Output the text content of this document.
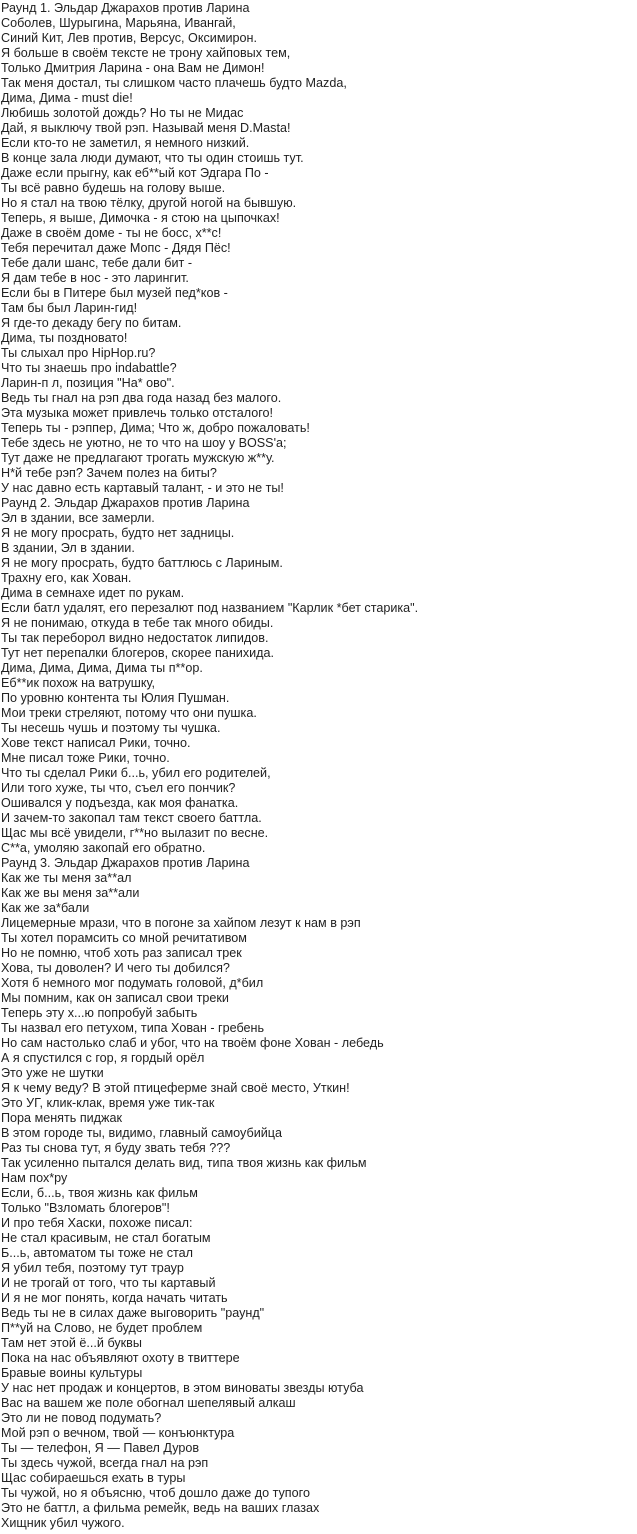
Раунд 1. Эльдар Джарахов против Ларина
Соболев, Шурыгина, Марьяна, Ивангай,
Синий Кит, Лев против, Версус, Оксимирон.
Я больше в своём тексте не трону хайповых тем,
Только Дмитрия Ларина - она Вам не Димон!
Так меня достал, ты слишком часто плачешь будто Mazda,
Дима, Дима - must die!
Любишь золотой дождь? Но ты не Мидас
Дай, я выключу твой рэп. Называй меня D.Masta!
Если кто-то не заметил, я немного низкий.
В конце зала люди думают, что ты один стоишь тут.
Даже если прыгну, как еб**ый кот Эдгара По -
Ты всё равно будешь на голову выше.
Но я стал на твою тёлку, другой ногой на бывшую.
Теперь, я выше, Димочка - я стою на цыпочках!
Даже в своём доме - ты не босс, х**с!
Тебя перечитал даже Мопс - Дядя Пёс!
Тебе дали шанс, тебе дали бит -
Я дам тебе в нос - это ларингит.
Если бы в Питере был музей пед*ков -
Там бы был Ларин-гид!
Я где-то декаду бегу по битам.
Дима, ты поздновато!
Ты слыхал про HipHop.ru?
Что ты знаешь про indabattle?
Ларин-п л, позиция "На* ово".
Ведь ты гнал на рэп два года назад без малого.
Эта музыка может привлечь только отсталого!
Теперь ты - рэппер, Дима; Что ж, добро пожаловать!
Тебе здесь не уютно, не то что на шоу у BOSS'а;
Тут даже не предлагают трогать мужскую ж**у.
Н*й тебе рэп? Зачем полез на биты?
У нас давно есть картавый талант, - и это не ты!
Раунд 2. Эльдар Джарахов против Ларина
Эл в здании, все замерли.
Я не могу просрать, будто нет задницы.
В здании, Эл в здании.
Я не могу просрать, будто баттлюсь с Лариным.
Трахну его, как Хован.
Дима в семнахе идет по рукам.
Если батл удалят, его перезалют под названием "Карлик *бет старика".
Я не понимаю, откуда в тебе так много обиды.
Ты так переборол видно недостаток липидов.
Тут нет перепалки блогеров, скорее панихида.
Дима, Дима, Дима, Дима ты п**ор.
Еб**ик похож на ватрушку,
По уровню контента ты Юлия Пушман.
Мои треки стреляют, потому что они пушка.
Ты несешь чушь и поэтому ты чушка.
Хове текст написал Рики, точно.
Мне писал тоже Рики, точно.
Что ты сделал Рики б...ь, убил его родителей,
Или того хуже, ты что, съел его пончик?
Ошивался у подъезда, как моя фанатка.
И зачем-то закопал там текст своего баттла.
Щас мы всё увидели, г**но вылазит по весне.
С**а, умоляю закопай его обратно.
Раунд 3. Эльдар Джарахов против Ларина
Как же ты меня за**ал
Как же вы меня за**али
Как же за*бали
Лицемерные мрази, что в погоне за хайпом лезут к нам в рэп
Ты хотел порамсить со мной речитативом
Но не помню, чтоб хоть раз записал трек
Хова, ты доволен? И чего ты добился?
Хотя б немного мог подумать головой, д*бил
Мы помним, как он записал свои треки
Теперь эту х...ю попробуй забыть
Ты назвал его петухом, типа Хован - гребень
Но сам настолько слаб и убог, что на твоём фоне Хован - лебедь
А я спустился с гор, я гордый орёл
Это уже не шутки
Я к чему веду? В этой птицеферме знай своё место, Уткин!
Это УГ, клик-клак, время уже тик-так
Пора менять пиджак
В этом городе ты, видимо, главный самоубийца
Раз ты снова тут, я буду звать тебя ???
Так усиленно пытался делать вид, типа твоя жизнь как фильм
Нам пох*ру
Если, б...ь, твоя жизнь как фильм
Только "Взломать блогеров"!
И про тебя Хаски, похоже писал:
Не стал красивым, не стал богатым
Б...ь, автоматом ты тоже не стал
Я убил тебя, поэтому тут траур
И не трогай от того, что ты картавый
И я не мог понять, когда начать читать
Ведь ты не в силах даже выговорить "раунд"
П**уй на Слово, не будет проблем
Там нет этой ё...й буквы
Пока на нас объявляют охоту в твиттере
Бравые воины культуры
У нас нет продаж и концертов, в этом виноваты звезды ютуба
Вас на вашем же поле обогнал шепелявый алкаш
Это ли не повод подумать?
Мой рэп о вечном, твой — конъюнктура
Ты — телефон, Я — Павел Дуров
Ты здесь чужой, всегда гнал на рэп
Щас собираешься ехать в туры
Ты чужой, но я объясню, чтоб дошло даже до тупого
Это не баттл, а фильма ремейк, ведь на ваших глазах
Хищник убил чужого.
